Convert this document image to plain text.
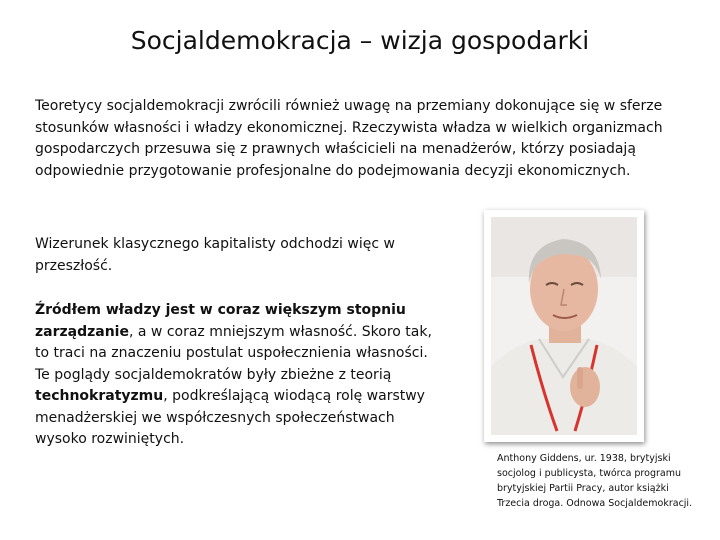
Socjaldemokracja – wizja gospodarki

Teoretycy socjaldemokracji zwrócili również uwagę na przemiany dokonujące się w sferze stosunków własności i władzy ekonomicznej. Rzeczywista władza w wielkich organizmach gospodarczych przesuwa się z prawnych właścicieli na menadżerów, którzy posiadają odpowiednie przygotowanie profesjonalne do podejmowania decyzji ekonomicznych.

Wizerunek klasycznego kapitalisty odchodzi więc w przeszłość.

Źródłem władzy jest w coraz większym stopniu zarządzanie, a w coraz mniejszym własność. Skoro tak, to traci na znaczeniu postulat uspołecznienia własności. Te poglądy socjaldemokratów były zbieżne z teorią technokratyzmu, podkreślającą wiodącą rolę warstwy menadżerskiej we współczesnych społeczeństwach wysoko rozwiniętych.

Anthony Giddens, ur. 1938, brytyjski socjolog i publicysta, twórca programu brytyjskiej Partii Pracy, autor książki Trzecia droga. Odnowa Socjaldemokracji.
